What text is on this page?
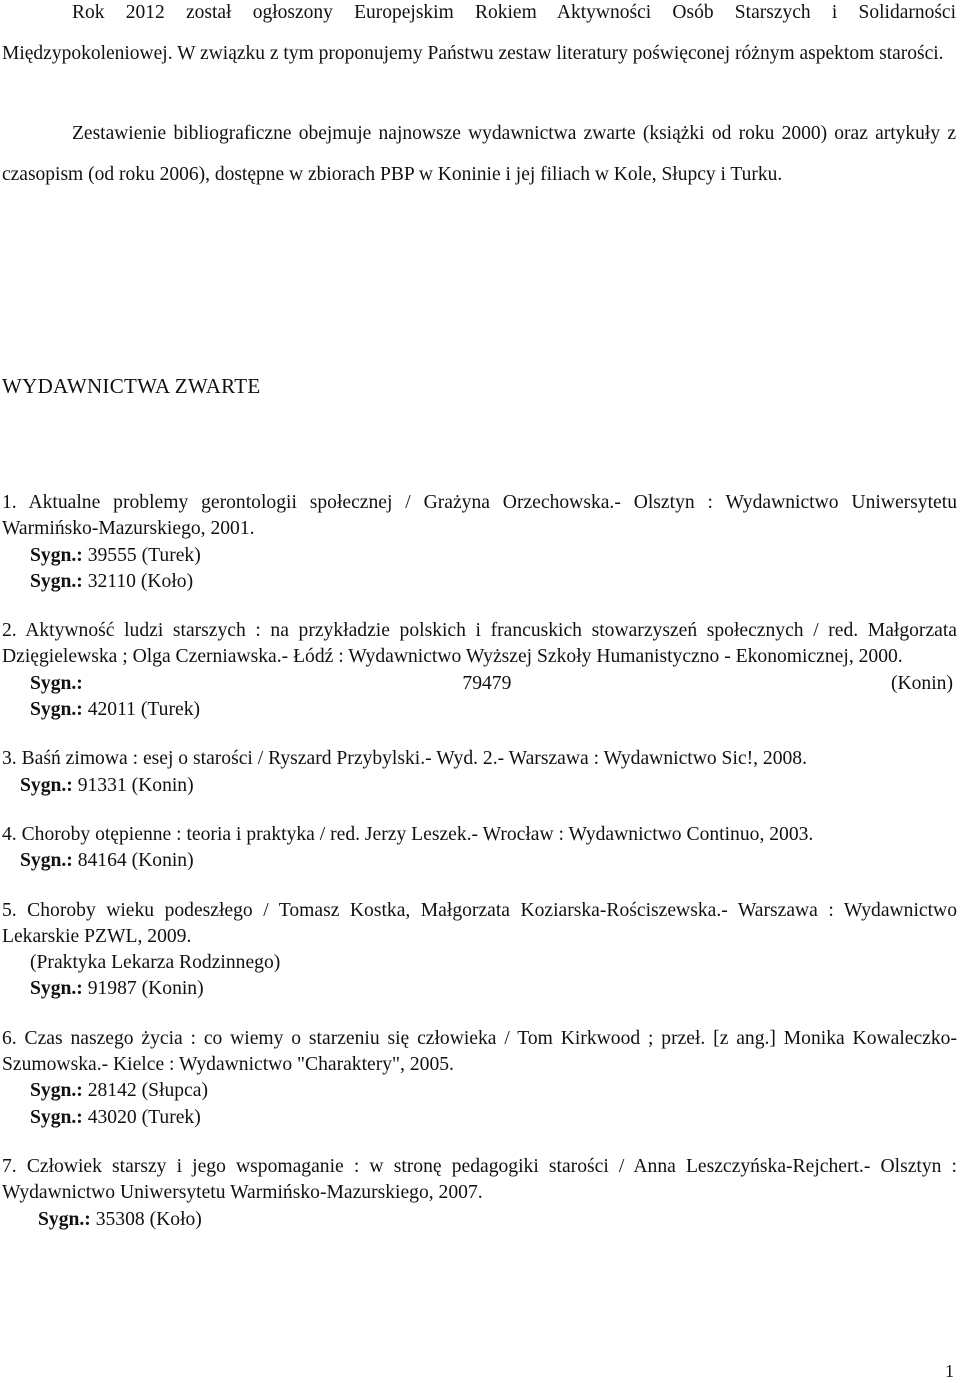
Rok 2012 został ogłoszony Europejskim Rokiem Aktywności Osób Starszych i Solidarności Międzypokoleniowej. W związku z tym proponujemy Państwu zestaw literatury poświęconej różnym aspektom starości.

Zestawienie bibliograficzne obejmuje najnowsze wydawnictwa zwarte (książki od roku 2000) oraz artykuły z czasopism (od roku 2006), dostępne w zbiorach PBP w Koninie i jej filiach w Kole, Słupcy i Turku.

WYDAWNICTWA ZWARTE
1. Aktualne problemy gerontologii społecznej / Grażyna Orzechowska.- Olsztyn : Wydawnictwo Uniwersytetu Warmińsko-Mazurskiego, 2001.
Sygn.: 39555 (Turek)
Sygn.: 32110 (Koło)
2. Aktywność ludzi starszych : na przykładzie polskich i francuskich stowarzyszeń społecznych / red. Małgorzata Dzięgielewska ; Olga Czerniawska.- Łódź : Wydawnictwo Wyższej Szkoły Humanistyczno - Ekonomicznej, 2000.
Sygn.:	79479	(Konin)
Sygn.: 42011 (Turek)
3. Baśń zimowa : esej o starości / Ryszard Przybylski.- Wyd. 2.- Warszawa : Wydawnictwo Sic!, 2008.
Sygn.: 91331 (Konin)
4. Choroby otępienne : teoria i praktyka / red. Jerzy Leszek.- Wrocław : Wydawnictwo Continuo, 2003.
Sygn.: 84164 (Konin)
5. Choroby wieku podeszłego / Tomasz Kostka, Małgorzata Koziarska-Rościszewska.- Warszawa : Wydawnictwo Lekarskie PZWL, 2009.
(Praktyka Lekarza Rodzinnego)
Sygn.: 91987 (Konin)
6. Czas naszego życia : co wiemy o starzeniu się człowieka / Tom Kirkwood ; przeł. [z ang.] Monika Kowaleczko-Szumowska.- Kielce : Wydawnictwo "Charaktery", 2005.
Sygn.: 28142 (Słupca)
Sygn.: 43020 (Turek)
7. Człowiek starszy i jego wspomaganie : w stronę pedagogiki starości / Anna Leszczyńska-Rejchert.- Olsztyn : Wydawnictwo Uniwersytetu Warmińsko-Mazurskiego, 2007.
Sygn.: 35308 (Koło)
1
